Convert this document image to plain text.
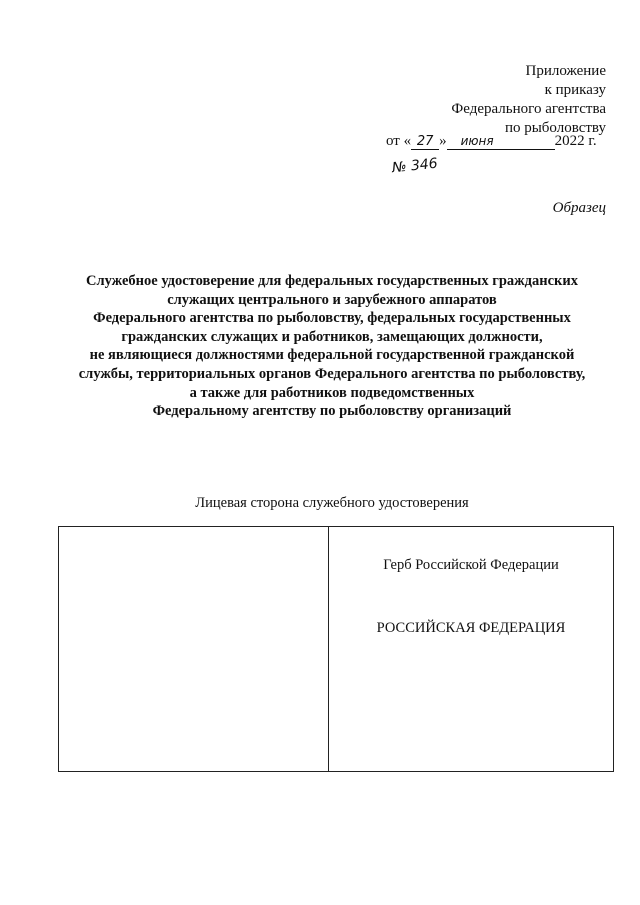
Приложение
к приказу
Федерального агентства
по рыболовству
от « 27 » июня	2022 г.
№ 346
Образец
Служебное удостоверение для федеральных государственных гражданских
служащих центрального и зарубежного аппаратов
Федерального агентства по рыболовству, федеральных государственных
гражданских служащих и работников, замещающих должности,
не являющиеся должностями федеральной государственной гражданской
службы, территориальных органов Федерального агентства по рыболовству,
а также для работников подведомственных
Федеральному агентству по рыболовству организаций
Лицевая сторона служебного удостоверения
Герб Российской Федерации
РОССИЙСКАЯ ФЕДЕРАЦИЯ
